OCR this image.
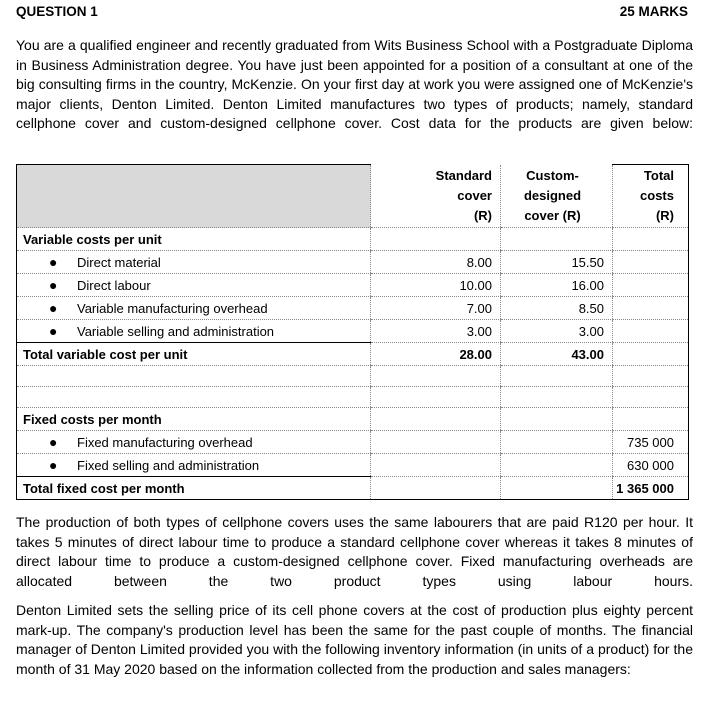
QUESTION 1	25 MARKS

You are a qualified engineer and recently graduated from Wits Business School with a Postgraduate Diploma in Business Administration degree. You have just been appointed for a position of a consultant at one of the big consulting firms in the country, McKenzie. On your first day at work you were assigned one of McKenzie's major clients, Denton Limited. Denton Limited manufactures two types of products; namely, standard cellphone cover and custom-designed cellphone cover. Cost data for the products are given below:

	Standard
cover
(R)	Custom-
designed
cover (R)	Total
costs
(R)
Variable costs per unit			
● Direct material	8.00	15.50	
● Direct labour	10.00	16.00	
● Variable manufacturing overhead	7.00	8.50	
● Variable selling and administration	3.00	3.00	
Total variable cost per unit	28.00	43.00	

Fixed costs per month			
● Fixed manufacturing overhead			735 000
● Fixed selling and administration			630 000
Total fixed cost per month			1 365 000

The production of both types of cellphone covers uses the same labourers that are paid R120 per hour. It takes 5 minutes of direct labour time to produce a standard cellphone cover whereas it takes 8 minutes of direct labour time to produce a custom-designed cellphone cover. Fixed manufacturing overheads are allocated between the two product types using labour hours.

Denton Limited sets the selling price of its cell phone covers at the cost of production plus eighty percent mark-up. The company's production level has been the same for the past couple of months. The financial manager of Denton Limited provided you with the following inventory information (in units of a product) for the month of 31 May 2020 based on the information collected from the production and sales managers:
